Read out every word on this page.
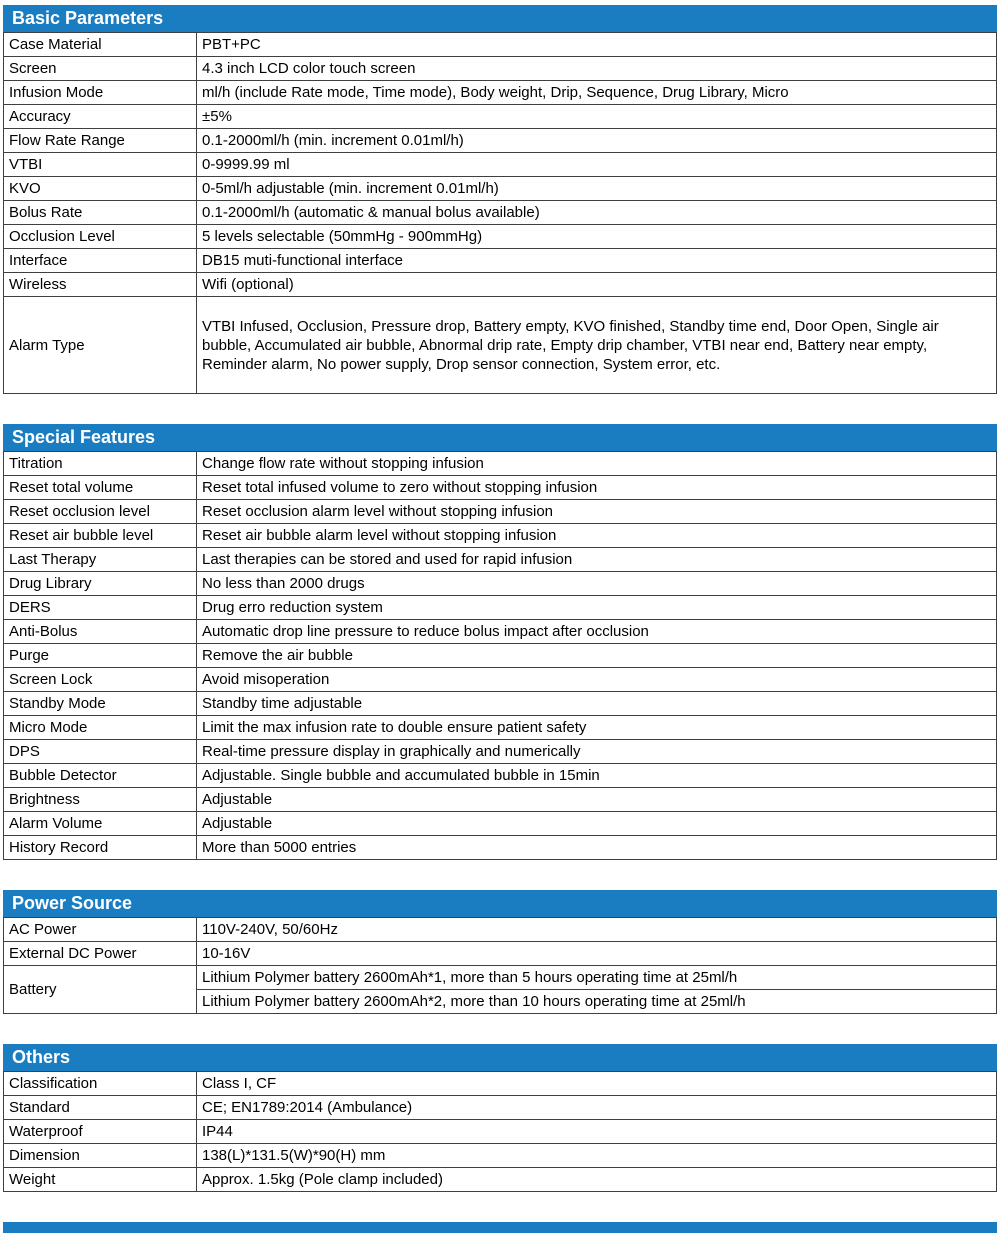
Basic Parameters
Case Material	PBT+PC
Screen	4.3 inch LCD color touch screen
Infusion Mode	ml/h (include Rate mode, Time mode), Body weight, Drip, Sequence, Drug Library, Micro
Accuracy	±5%
Flow Rate Range	0.1-2000ml/h (min. increment 0.01ml/h)
VTBI	0-9999.99 ml
KVO	0-5ml/h adjustable (min. increment 0.01ml/h)
Bolus Rate	0.1-2000ml/h (automatic & manual bolus available)
Occlusion Level	5 levels selectable (50mmHg - 900mmHg)
Interface	DB15 muti-functional interface
Wireless	Wifi (optional)
Alarm Type	VTBI Infused, Occlusion, Pressure drop, Battery empty, KVO finished, Standby time end, Door Open, Single air bubble, Accumulated air bubble, Abnormal drip rate, Empty drip chamber, VTBI near end, Battery near empty, Reminder alarm, No power supply, Drop sensor connection, System error, etc.
Special Features
Titration	Change flow rate without stopping infusion
Reset total volume	Reset total infused volume to zero without stopping infusion
Reset occlusion level	Reset occlusion alarm level without stopping infusion
Reset air bubble level	Reset air bubble alarm level without stopping infusion
Last Therapy	Last therapies can be stored and used for rapid infusion
Drug Library	No less than 2000 drugs
DERS	Drug erro reduction system
Anti-Bolus	Automatic drop line pressure to reduce bolus impact after occlusion
Purge	Remove the air bubble
Screen Lock	Avoid misoperation
Standby Mode	Standby time adjustable
Micro Mode	Limit the max infusion rate to double ensure patient safety
DPS	Real-time pressure display in graphically and numerically
Bubble Detector	Adjustable. Single bubble and accumulated bubble in 15min
Brightness	Adjustable
Alarm Volume	Adjustable
History Record	More than 5000 entries
Power Source
AC Power	110V-240V, 50/60Hz
External DC Power	10-16V
Battery	Lithium Polymer battery 2600mAh*1, more than 5 hours operating time at 25ml/h
	Lithium Polymer battery 2600mAh*2, more than 10 hours operating time at 25ml/h
Others
Classification	Class I, CF
Standard	CE; EN1789:2014 (Ambulance)
Waterproof	IP44
Dimension	138(L)*131.5(W)*90(H) mm
Weight	Approx. 1.5kg (Pole clamp included)
